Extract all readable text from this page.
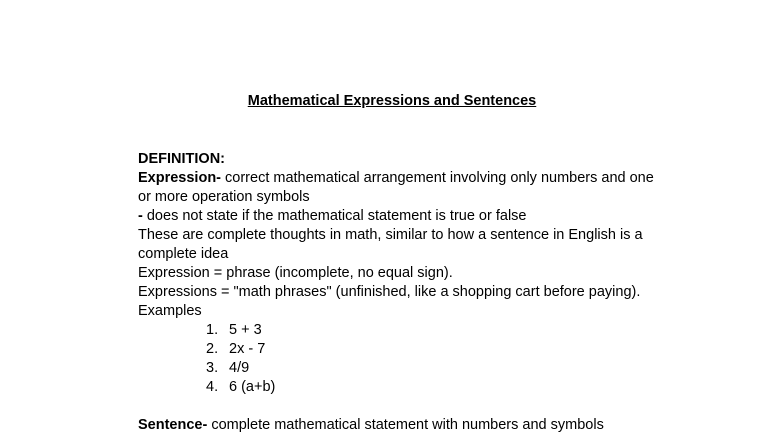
Mathematical Expressions and Sentences
DEFINITION:
Expression- correct mathematical arrangement involving only numbers and one
or more operation symbols
- does not state if the mathematical statement is true or false
These are complete thoughts in math, similar to how a sentence in English is a
complete idea
Expression = phrase (incomplete, no equal sign).
Expressions = "math phrases" (unfinished, like a shopping cart before paying).
Examples
1. 5 + 3
2. 2x - 7
3. 4/9
4. 6 (a+b)
Sentence- complete mathematical statement with numbers and symbols
